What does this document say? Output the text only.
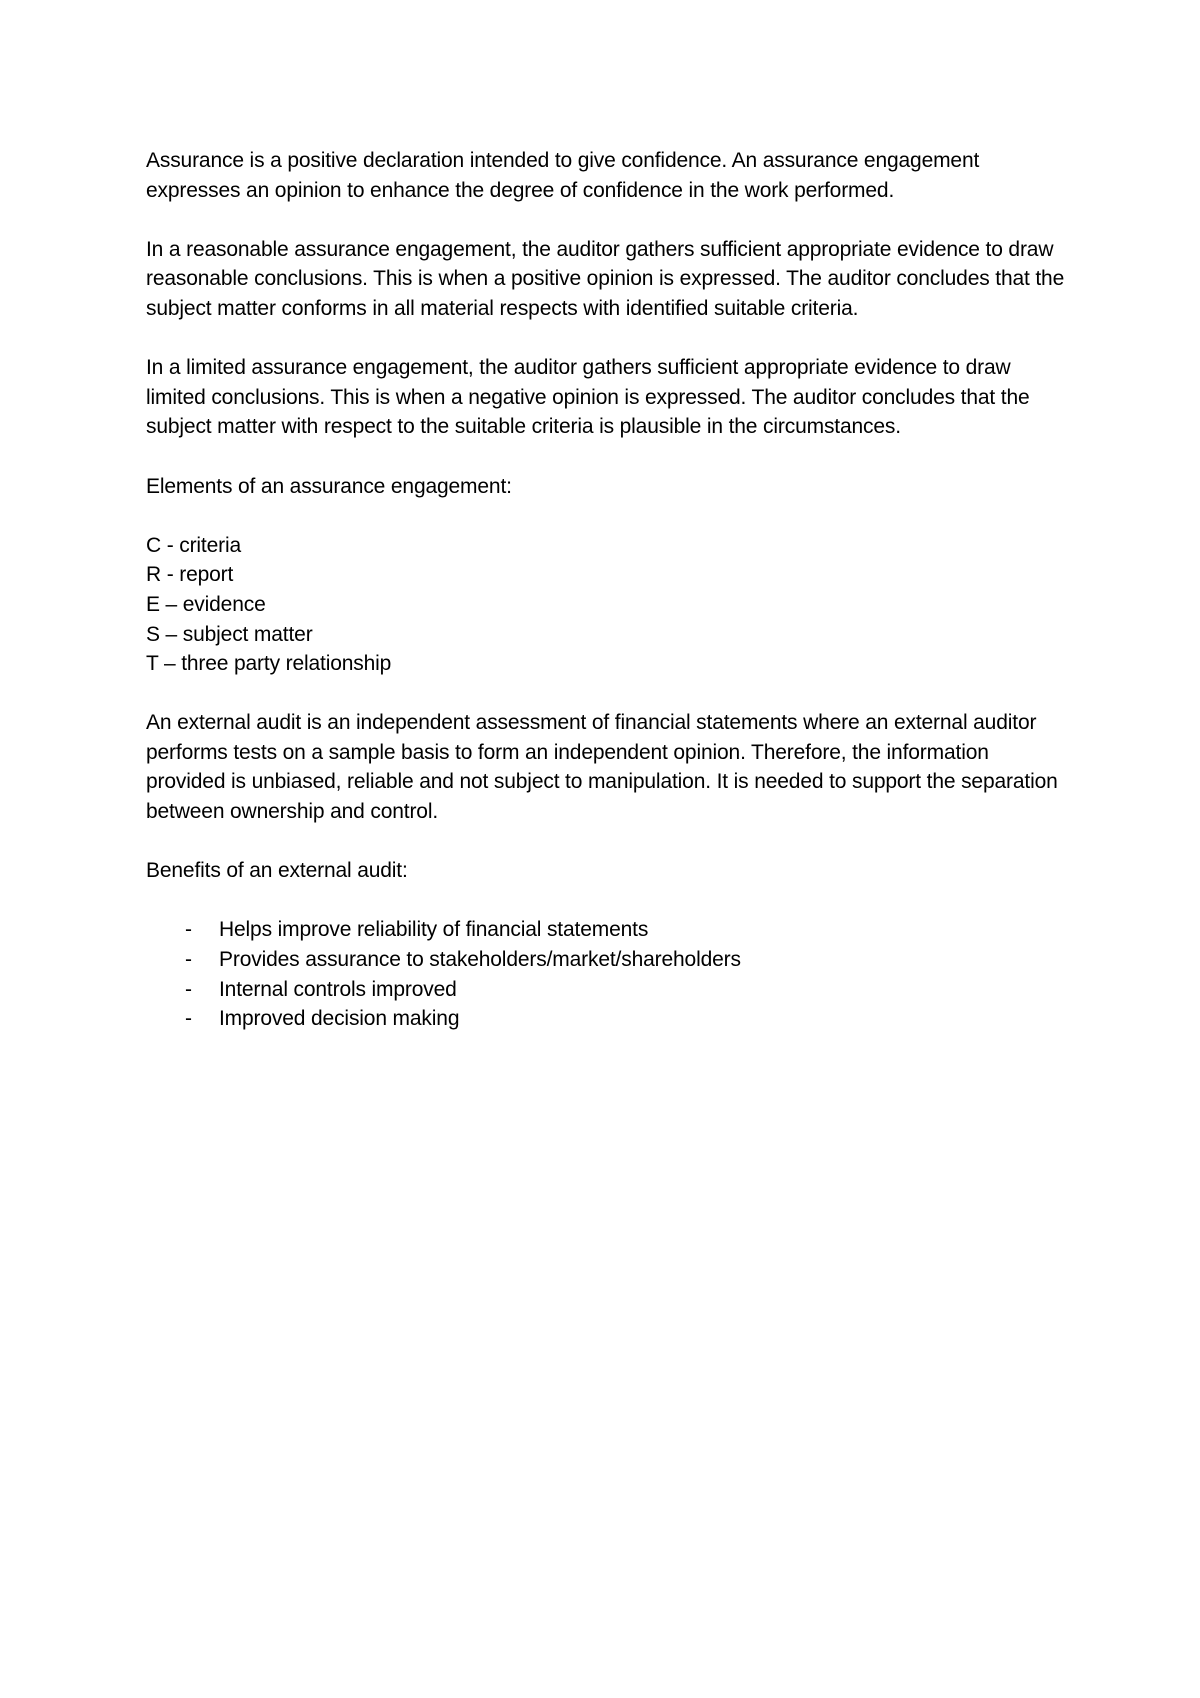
Assurance is a positive declaration intended to give confidence. An assurance engagement expresses an opinion to enhance the degree of confidence in the work performed.

In a reasonable assurance engagement, the auditor gathers sufficient appropriate evidence to draw reasonable conclusions. This is when a positive opinion is expressed. The auditor concludes that the subject matter conforms in all material respects with identified suitable criteria.

In a limited assurance engagement, the auditor gathers sufficient appropriate evidence to draw limited conclusions. This is when a negative opinion is expressed. The auditor concludes that the subject matter with respect to the suitable criteria is plausible in the circumstances.

Elements of an assurance engagement:

C - criteria
R - report
E – evidence
S – subject matter
T – three party relationship

An external audit is an independent assessment of financial statements where an external auditor performs tests on a sample basis to form an independent opinion. Therefore, the information provided is unbiased, reliable and not subject to manipulation. It is needed to support the separation between ownership and control.

Benefits of an external audit:

- Helps improve reliability of financial statements
- Provides assurance to stakeholders/market/shareholders
- Internal controls improved
- Improved decision making
